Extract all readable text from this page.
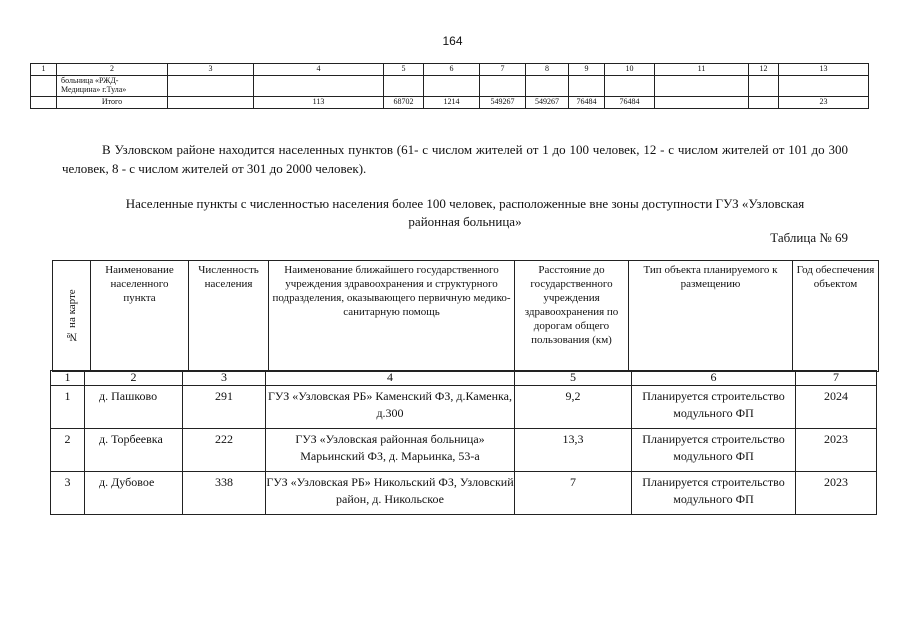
164
1	2	3	4	5	6	7	8	9	10	11	12	13
	больница «РЖД-
Медицина» г.Тула»											
	Итого		113	68702	1214	549267	549267	76484	76484			23
В Узловском районе находится населенных пунктов (61- с числом жителей от 1 до 100 человек, 12 - с числом жителей от 101 до 300 человек, 8 - с числом жителей от 301 до 2000 человек).
Населенные пункты с численностью населения более 100 человек, расположенные вне зоны доступности ГУЗ «Узловская районная больница»
Таблица № 69
№ на карте
	Наименование населенного пункта	Численность населения	Наименование ближайшего государственного учреждения здравоохранения и структурного подразделения, оказывающего первичную медико-санитарную помощь	Расстояние до государственного учреждения здравоохранения по дорогам общего пользования (км)	Тип объекта планируемого к размещению	Год обеспечения объектом
1	2	3	4	5	6	7
1	д. Пашково	291	ГУЗ «Узловская РБ» Каменский ФЗ, д.Каменка, д.300	9,2	Планируется строительство модульного ФП	2024
2	д. Торбеевка	222	ГУЗ «Узловская районная больница» Марьинский ФЗ, д. Марьинка, 53-а	13,3	Планируется строительство модульного ФП	2023
3	д. Дубовое	338	ГУЗ «Узловская РБ» Никольский ФЗ, Узловский район, д. Никольское	7	Планируется строительство модульного ФП	2023
